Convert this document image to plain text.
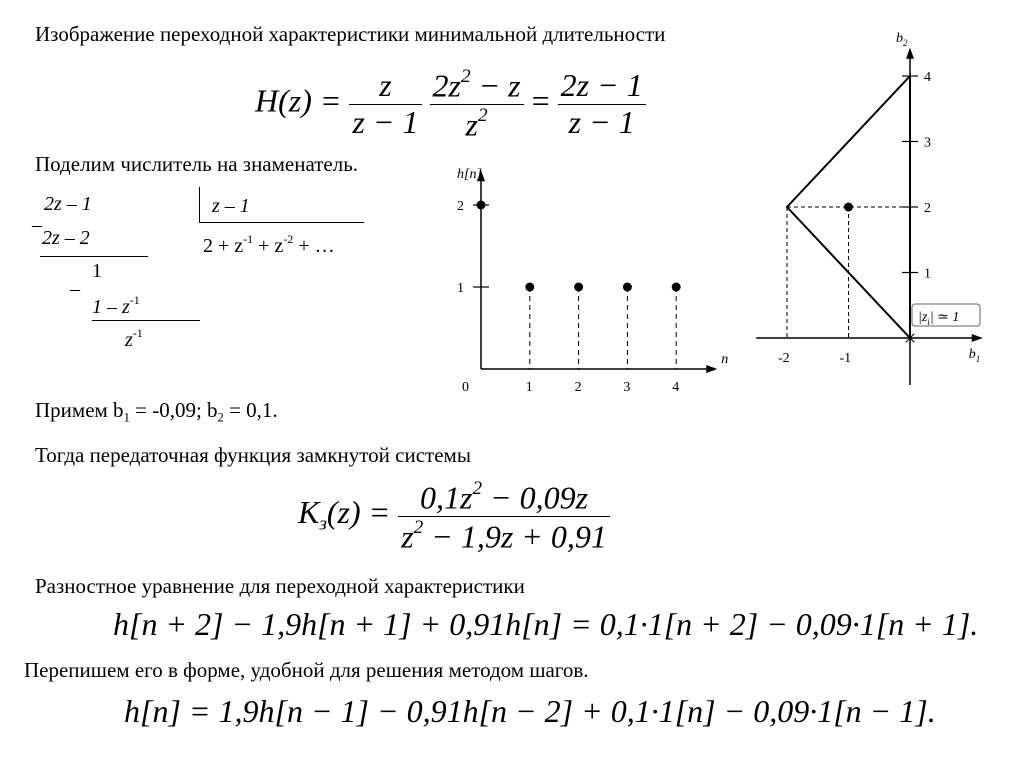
Изображение переходной характеристики минимальной длительности
$H(z) = \frac{z}{z - 1}$
$\frac{2z^2 - z}{z^2} = \frac{2z - 1}{z - 1}$
Поделим числитель на знаменатель.
2z – 1
–
2z – 2
1
–
$1 - z^{-1}$
$z^{-1}$
z – 1
$2 + z^{-1} + z^{-2}$ + …
Примем $b_1 = -0,09$; $b_2 = 0,1$.
Тогда передаточная функция замкнутой системы
$K_з(z) = \frac{0,1z^2 - 0,09z}{z^2 - 1,9z + 0,91}$
Разностное уравнение для переходной характеристики
h[n + 2] − 1,9h[n + 1] + 0,91h[n] = 0,1·1[n + 2] − 0,09·1[n + 1].
Перепишем его в форме, удобной для решения методом шагов.
h[n] = 1,9h[n − 1] − 0,91h[n − 2] + 0,1·1[n] − 0,09·1[n − 1].
h[n]
n
0
1
2
1	2	3	4
$b_2$
$b_1$
1
2
3
4
-2	-1
$|z_i|$ ≃ 1
